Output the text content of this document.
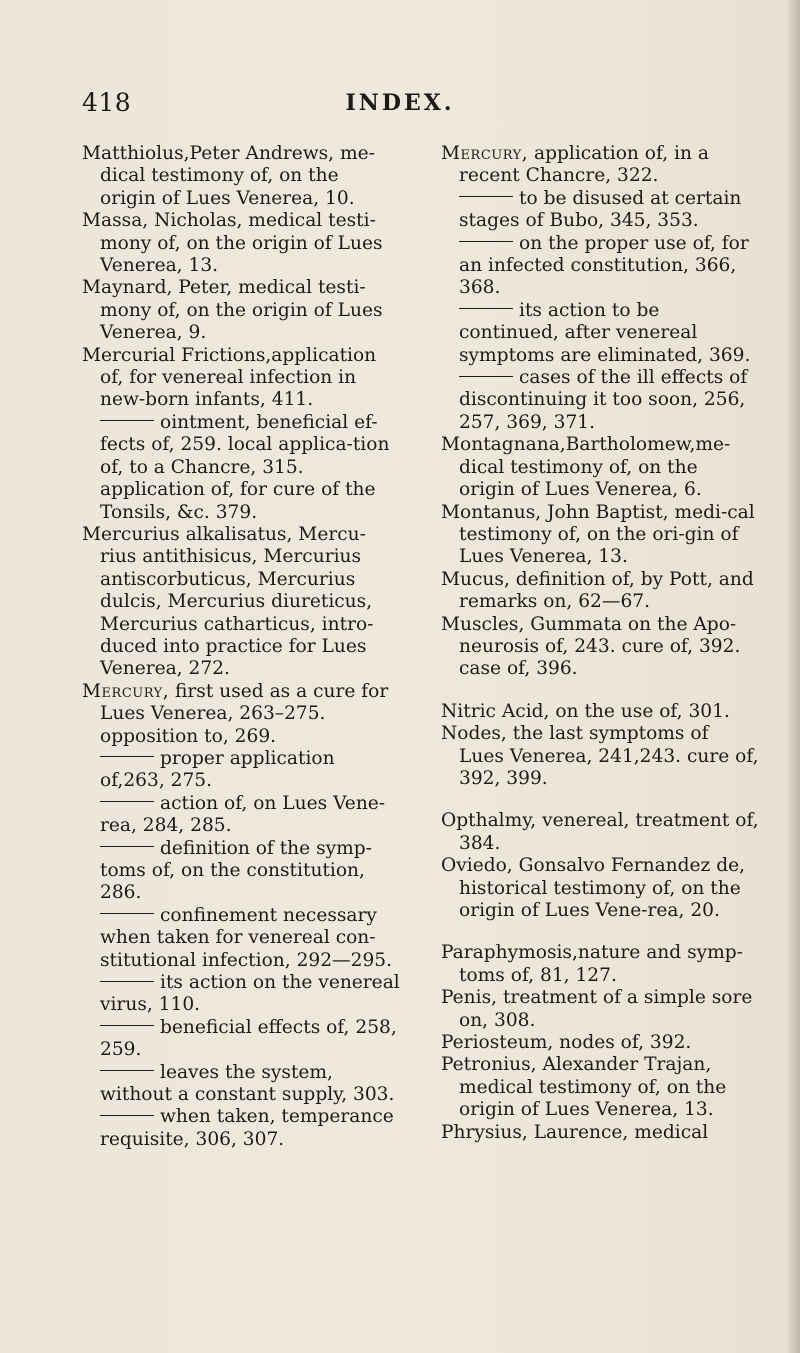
418	INDEX.

Matthiolus,Peter Andrews, me-dical testimony of, on the origin of Lues Venerea, 10.

Massa, Nicholas, medical testi-mony of, on the origin of Lues Venerea, 13.

Maynard, Peter, medical testi-mony of, on the origin of Lues Venerea, 9.

Mercurial Frictions,application of, for venereal infection in new-born infants, 411.

ointment, beneficial ef-fects of, 259. local applica-tion of, to a Chancre, 315. application of, for cure of the Tonsils, &c. 379.

Mercurius alkalisatus, Mercu-rius antithisicus, Mercurius antiscorbuticus, Mercurius dulcis, Mercurius diureticus, Mercurius catharticus, intro-duced into practice for Lues Venerea, 272.

Mercury, first used as a cure for Lues Venerea, 263–275. opposition to, 269.

proper application of,263, 275.

action of, on Lues Vene-rea, 284, 285.

definition of the symp-toms of, on the constitution, 286.

confinement necessary when taken for venereal con-stitutional infection, 292—295.

its action on the venereal virus, 110.

beneficial effects of, 258, 259.

leaves the system, without a constant supply, 303.

when taken, temperance requisite, 306, 307.

Mercury, application of, in a recent Chancre, 322.

to be disused at certain stages of Bubo, 345, 353.

on the proper use of, for an infected constitution, 366, 368.

its action to be continued, after venereal symptoms are eliminated, 369.

cases of the ill effects of discontinuing it too soon, 256, 257, 369, 371.

Montagnana,Bartholomew,me-dical testimony of, on the origin of Lues Venerea, 6.

Montanus, John Baptist, medi-cal testimony of, on the ori-gin of Lues Venerea, 13.

Mucus, definition of, by Pott, and remarks on, 62—67.

Muscles, Gummata on the Apo-neurosis of, 243. cure of, 392. case of, 396.

Nitric Acid, on the use of, 301.

Nodes, the last symptoms of Lues Venerea, 241,243. cure of, 392, 399.

Opthalmy, venereal, treatment of, 384.

Oviedo, Gonsalvo Fernandez de, historical testimony of, on the origin of Lues Vene-rea, 20.

Paraphymosis,nature and symp-toms of, 81, 127.

Penis, treatment of a simple sore on, 308.

Periosteum, nodes of, 392.

Petronius, Alexander Trajan, medical testimony of, on the origin of Lues Venerea, 13.

Phrysius, Laurence, medical
